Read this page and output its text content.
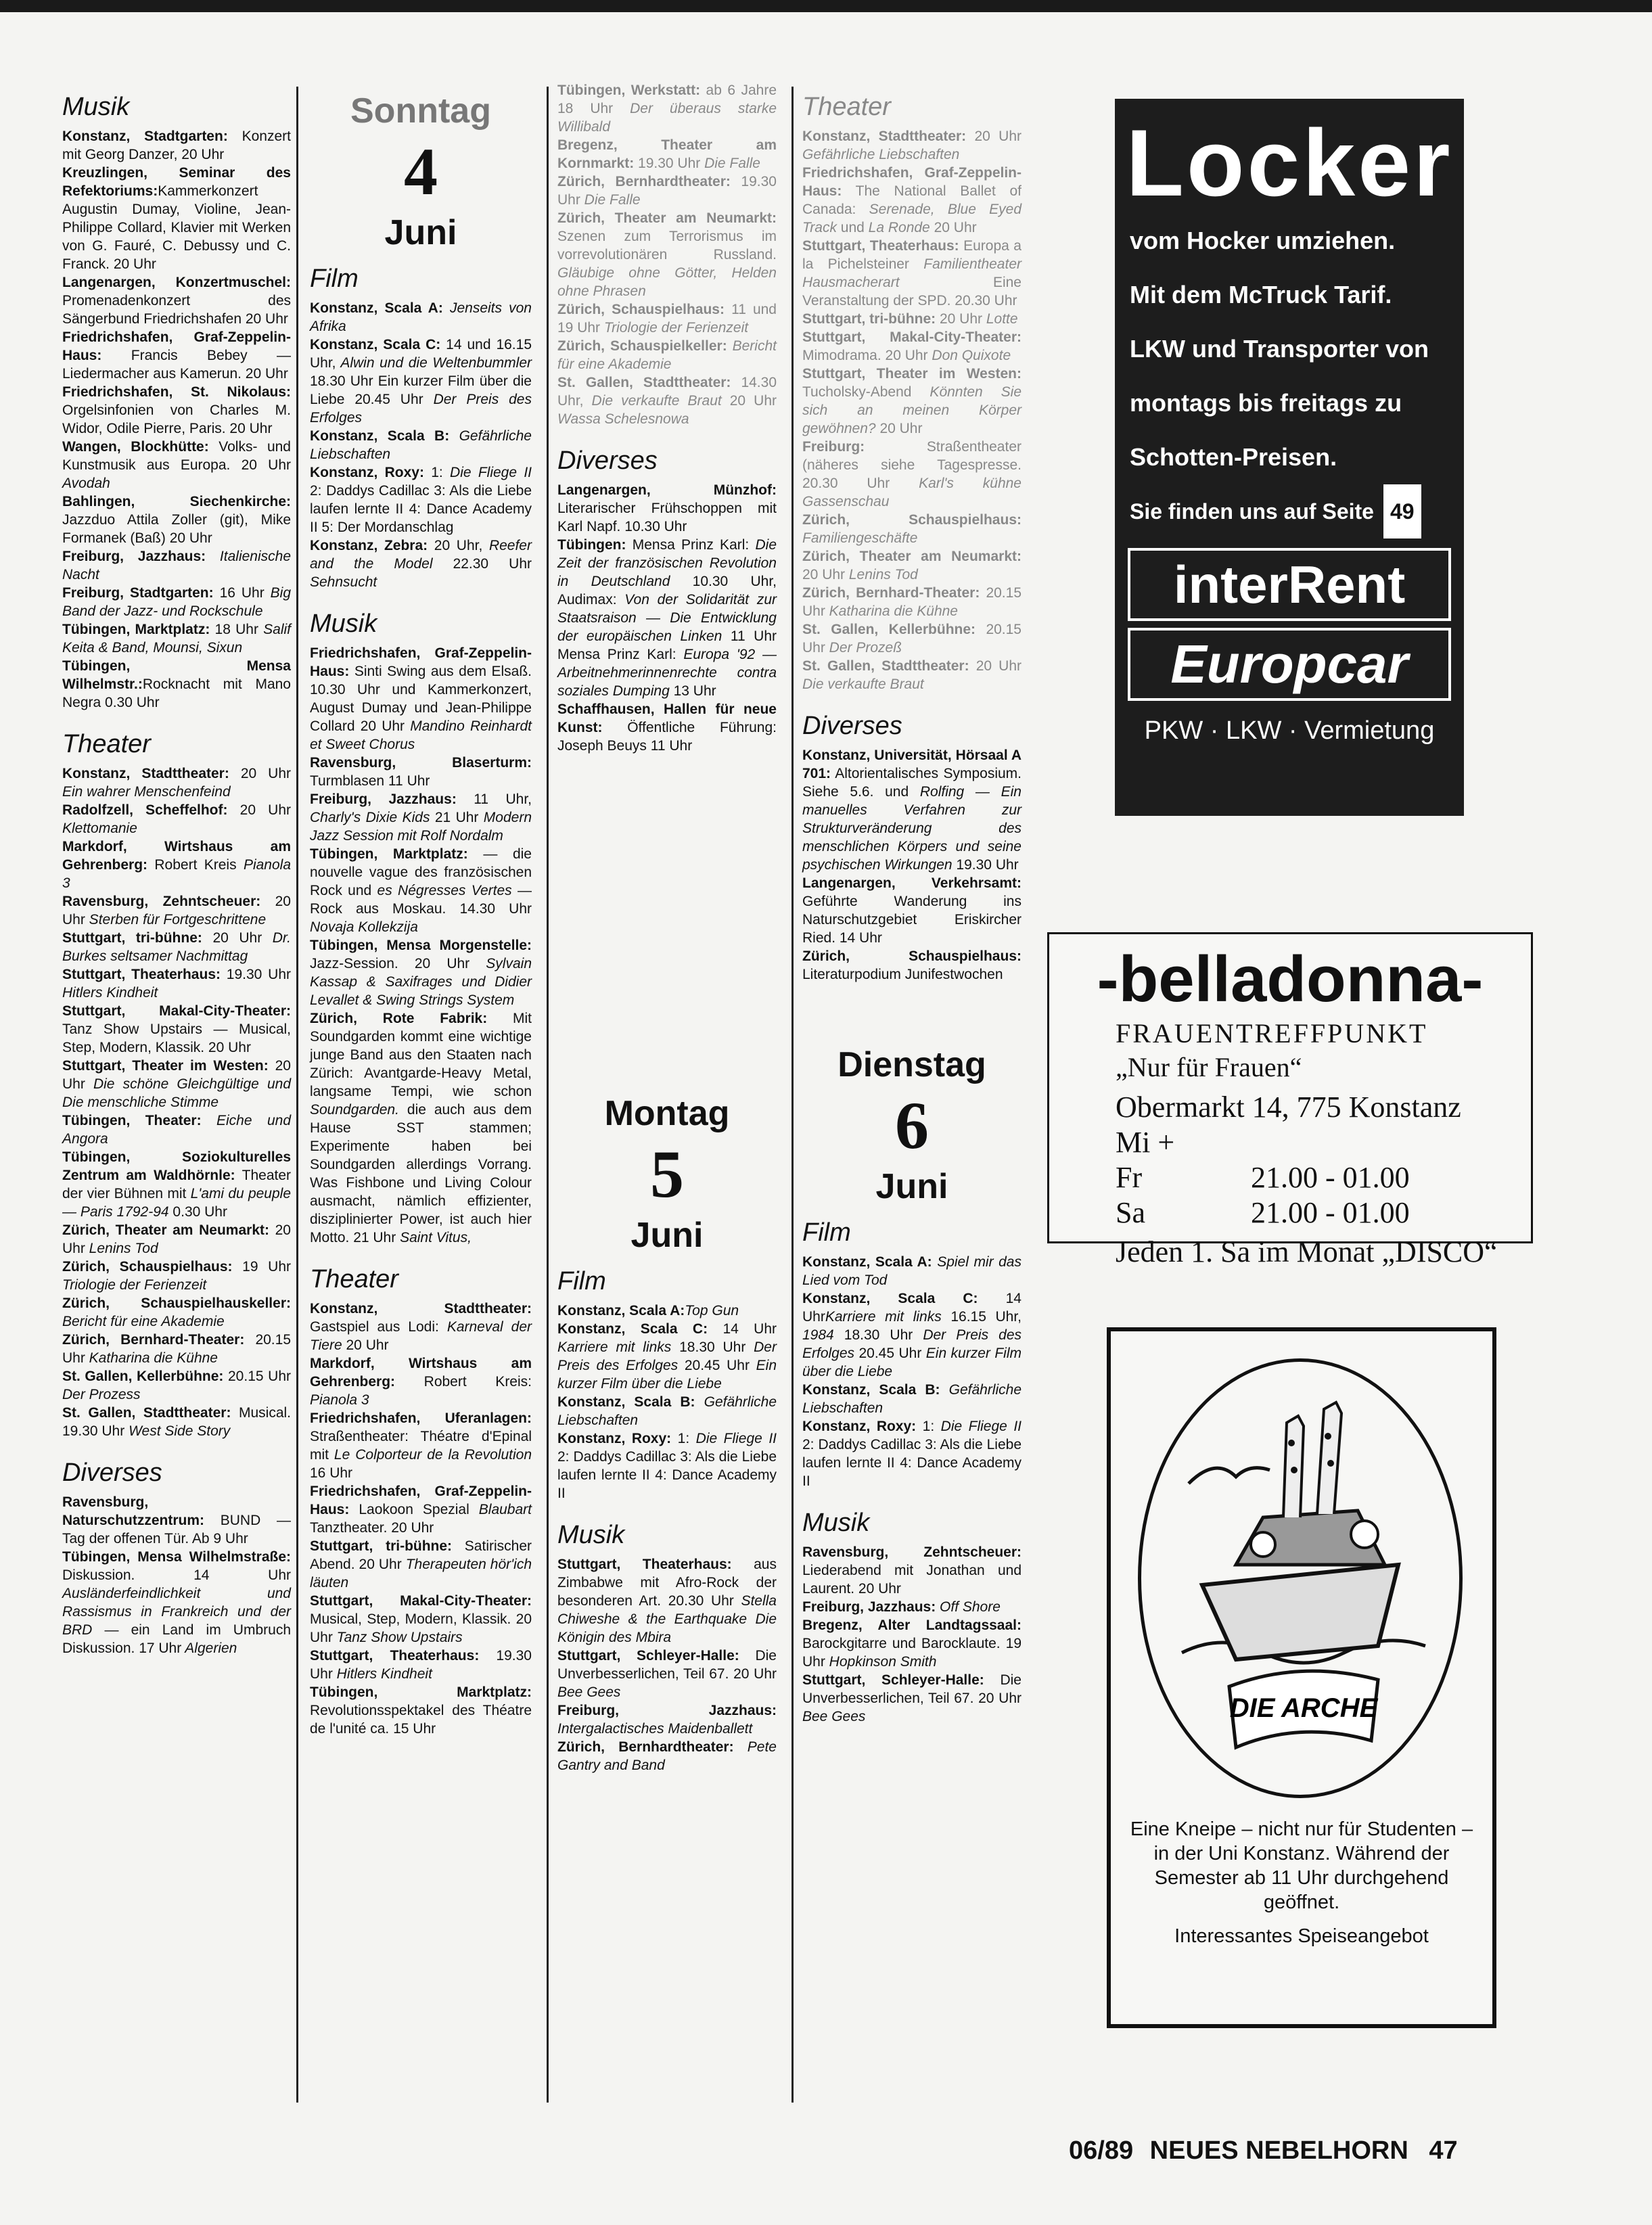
Musik

Konstanz, Stadtgarten: Konzert mit Georg Danzer, 20 Uhr

Kreuzlingen, Seminar des Refektoriums:Kammerkonzert Augustin Dumay, Violine, Jean-Philippe Collard, Klavier mit Werken von G. Fauré, C. Debussy und C. Franck. 20 Uhr

Langenargen, Konzertmuschel: Promenadenkonzert des Sängerbund Friedrichshafen 20 Uhr

Friedrichshafen, Graf-Zeppelin-Haus: Francis Bebey — Liedermacher aus Kamerun. 20 Uhr

Friedrichshafen, St. Nikolaus: Orgelsinfonien von Charles M. Widor, Odile Pierre, Paris. 20 Uhr

Wangen, Blockhütte: Volks- und Kunstmusik aus Europa. 20 Uhr Avodah

Bahlingen, Siechenkirche: Jazzduo Attila Zoller (git), Mike Formanek (Baß) 20 Uhr

Freiburg, Jazzhaus: Italienische Nacht

Freiburg, Stadtgarten: 16 Uhr Big Band der Jazz- und Rockschule

Tübingen, Marktplatz: 18 Uhr Salif Keita & Band, Mounsi, Sixun

Tübingen, Mensa Wilhelmstr.:Rocknacht mit Mano Negra 0.30 Uhr

Theater

Konstanz, Stadttheater: 20 Uhr Ein wahrer Menschenfeind

Radolfzell, Scheffelhof: 20 Uhr Klettomanie

Markdorf, Wirtshaus am Gehrenberg: Robert Kreis Pianola 3

Ravensburg, Zehntscheuer: 20 Uhr Sterben für Fortgeschrittene

Stuttgart, tri-bühne: 20 Uhr Dr. Burkes seltsamer Nachmittag

Stuttgart, Theaterhaus: 19.30 Uhr Hitlers Kindheit

Stuttgart, Makal-City-Theater: Tanz Show Upstairs — Musical, Step, Modern, Klassik. 20 Uhr

Stuttgart, Theater im Westen: 20 Uhr Die schöne Gleichgültige und Die menschliche Stimme

Tübingen, Theater: Eiche und Angora

Tübingen, Soziokulturelles Zentrum am Waldhörnle: Theater der vier Bühnen mit L'ami du peuple — Paris 1792-94 0.30 Uhr

Zürich, Theater am Neumarkt: 20 Uhr Lenins Tod

Zürich, Schauspielhaus: 19 Uhr Triologie der Ferienzeit

Zürich, Schauspielhauskeller: Bericht für eine Akademie

Zürich, Bernhard-Theater: 20.15 Uhr Katharina die Kühne

St. Gallen, Kellerbühne: 20.15 Uhr Der Prozess

St. Gallen, Stadttheater: Musical. 19.30 Uhr West Side Story

Diverses

Ravensburg, Naturschutzzentrum: BUND — Tag der offenen Tür. Ab 9 Uhr

Tübingen, Mensa Wilhelmstraße: Diskussion. 14 Uhr Ausländerfeindlichkeit und Rassismus in Frankreich und der BRD — ein Land im Umbruch Diskussion. 17 Uhr Algerien

Sonntag
4
Juni
Film

Konstanz, Scala A: Jenseits von Afrika

Konstanz, Scala C: 14 und 16.15 Uhr, Alwin und die Weltenbummler 18.30 Uhr Ein kurzer Film über die Liebe 20.45 Uhr Der Preis des Erfolges

Konstanz, Scala B: Gefährliche Liebschaften

Konstanz, Roxy: 1: Die Fliege II 2: Daddys Cadillac 3: Als die Liebe laufen lernte II 4: Dance Academy II 5: Der Mordanschlag

Konstanz, Zebra: 20 Uhr, Reefer and the Model 22.30 Uhr Sehnsucht

Musik

Friedrichshafen, Graf-Zeppelin-Haus: Sinti Swing aus dem Elsaß. 10.30 Uhr und Kammerkonzert, August Dumay und Jean-Philippe Collard 20 Uhr Mandino Reinhardt et Sweet Chorus

Ravensburg, Blaserturm: Turmblasen 11 Uhr

Freiburg, Jazzhaus: 11 Uhr, Charly's Dixie Kids 21 Uhr Modern Jazz Session mit Rolf Nordalm

Tübingen, Marktplatz: — die nouvelle vague des französischen Rock und es Négresses Vertes — Rock aus Moskau. 14.30 Uhr Novaja Kollekzija

Tübingen, Mensa Morgenstelle: Jazz-Session. 20 Uhr Sylvain Kassap & Saxifrages und Didier Levallet & Swing Strings System

Zürich, Rote Fabrik: Mit Soundgarden kommt eine wichtige junge Band aus den Staaten nach Zürich: Avantgarde-Heavy Metal, langsame Tempi, wie schon Soundgarden. die auch aus dem Hause SST stammen; Experimente haben bei Soundgarden allerdings Vorrang. Was Fishbone und Living Colour ausmacht, nämlich effizienter, disziplinierter Power, ist auch hier Motto. 21 Uhr Saint Vitus,

Theater

Konstanz, Stadttheater: Gastspiel aus Lodi: Karneval der Tiere 20 Uhr

Markdorf, Wirtshaus am Gehrenberg: Robert Kreis: Pianola 3

Friedrichshafen, Uferanlagen: Straßentheater: Théatre d'Epinal mit Le Colporteur de la Revolution 16 Uhr

Friedrichshafen, Graf-Zeppelin-Haus: Laokoon Spezial Blaubart Tanztheater. 20 Uhr

Stuttgart, tri-bühne: Satirischer Abend. 20 Uhr Therapeuten hör'ich läuten

Stuttgart, Makal-City-Theater: Musical, Step, Modern, Klassik. 20 Uhr Tanz Show Upstairs

Stuttgart, Theaterhaus: 19.30 Uhr Hitlers Kindheit

Tübingen, Marktplatz: Revolutionsspektakel des Théatre de l'unité ca. 15 Uhr

Tübingen, Werkstatt: ab 6 Jahre 18 Uhr Der überaus starke Willibald

Bregenz, Theater am Kornmarkt: 19.30 Uhr Die Falle

Zürich, Bernhardtheater: 19.30 Uhr Die Falle

Zürich, Theater am Neumarkt: Szenen zum Terrorismus im vorrevolutionären Russland. Gläubige ohne Götter, Helden ohne Phrasen

Zürich, Schauspielhaus: 11 und 19 Uhr Triologie der Ferienzeit

Zürich, Schauspielkeller: Bericht für eine Akademie

St. Gallen, Stadttheater: 14.30 Uhr, Die verkaufte Braut 20 Uhr Wassa Schelesnowa

Diverses

Langenargen, Münzhof: Literarischer Frühschoppen mit Karl Napf. 10.30 Uhr

Tübingen: Mensa Prinz Karl: Die Zeit der französischen Revolution in Deutschland 10.30 Uhr, Audimax: Von der Solidarität zur Staatsraison — Die Entwicklung der europäischen Linken 11 Uhr Mensa Prinz Karl: Europa '92 — Arbeitnehmerinnenrechte contra soziales Dumping 13 Uhr

Schaffhausen, Hallen für neue Kunst: Öffentliche Führung: Joseph Beuys 11 Uhr

Montag
5
Juni
Film

Konstanz, Scala A:Top Gun

Konstanz, Scala C: 14 Uhr Karriere mit links 18.30 Uhr Der Preis des Erfolges 20.45 Uhr Ein kurzer Film über die Liebe

Konstanz, Scala B: Gefährliche Liebschaften

Konstanz, Roxy: 1: Die Fliege II 2: Daddys Cadillac 3: Als die Liebe laufen lernte II 4: Dance Academy II

Musik

Stuttgart, Theaterhaus: aus Zimbabwe mit Afro-Rock der besonderen Art. 20.30 Uhr Stella Chiweshe & the Earthquake Die Königin des Mbira

Stuttgart, Schleyer-Halle: Die Unverbesserlichen, Teil 67. 20 Uhr Bee Gees

Freiburg, Jazzhaus: Intergalactisches Maidenballett

Zürich, Bernhardtheater: Pete Gantry and Band

Theater

Konstanz, Stadttheater: 20 Uhr Gefährliche Liebschaften

Friedrichshafen, Graf-Zeppelin-Haus: The National Ballet of Canada: Serenade, Blue Eyed Track und La Ronde 20 Uhr

Stuttgart, Theaterhaus: Europa a la Pichelsteiner Familientheater Hausmacherart Eine Veranstaltung der SPD. 20.30 Uhr

Stuttgart, tri-bühne: 20 Uhr Lotte

Stuttgart, Makal-City-Theater: Mimodrama. 20 Uhr Don Quixote

Stuttgart, Theater im Westen: Tucholsky-Abend Könnten Sie sich an meinen Körper gewöhnen? 20 Uhr

Freiburg: Straßentheater (näheres siehe Tagespresse. 20.30 Uhr Karl's kühne Gassenschau

Zürich, Schauspielhaus: Familiengeschäfte

Zürich, Theater am Neumarkt: 20 Uhr Lenins Tod

Zürich, Bernhard-Theater: 20.15 Uhr Katharina die Kühne

St. Gallen, Kellerbühne: 20.15 Uhr Der Prozeß

St. Gallen, Stadttheater: 20 Uhr Die verkaufte Braut

Diverses

Konstanz, Universität, Hörsaal A 701: Altorientalisches Symposium. Siehe 5.6. und Rolfing — Ein manuelles Verfahren zur Strukturveränderung des menschlichen Körpers und seine psychischen Wirkungen 19.30 Uhr

Langenargen, Verkehrsamt: Geführte Wanderung ins Naturschutzgebiet Eriskircher Ried. 14 Uhr

Zürich, Schauspielhaus: Literaturpodium Junifestwochen

Dienstag
6
Juni
Film

Konstanz, Scala A: Spiel mir das Lied vom Tod

Konstanz, Scala C: 14 UhrKarriere mit links 16.15 Uhr, 1984 18.30 Uhr Der Preis des Erfolges 20.45 Uhr Ein kurzer Film über die Liebe

Konstanz, Scala B: Gefährliche Liebschaften

Konstanz, Roxy: 1: Die Fliege II 2: Daddys Cadillac 3: Als die Liebe laufen lernte II 4: Dance Academy II

Musik

Ravensburg, Zehntscheuer: Liederabend mit Jonathan und Laurent. 20 Uhr

Freiburg, Jazzhaus: Off Shore

Bregenz, Alter Landtagssaal: Barockgitarre und Barocklaute. 19 Uhr Hopkinson Smith

Stuttgart, Schleyer-Halle: Die Unverbesserlichen, Teil 67. 20 Uhr Bee Gees

Locker
vom Hocker umziehen.
Mit dem McTruck Tarif.
LKW und Transporter von
montags bis freitags zu
Schotten-Preisen.
Sie finden uns auf Seite 49
interRent
Europcar
PKW · LKW · Vermietung
-belladonna-
FRAUENTREFFPUNKT
„Nur für Frauen“
Obermarkt 14, 775 Konstanz
Mi + Fr	21.00 - 01.00
Sa	21.00 - 01.00
Jeden 1. Sa im Monat „DISCO“
DIE ARCHE
Eine Kneipe – nicht nur für Studenten – in der Uni Konstanz. Während der Semester ab 11 Uhr durchgehend geöffnet.
Interessantes Speiseangebot
06/89 NEUES NEBELHORN 47
